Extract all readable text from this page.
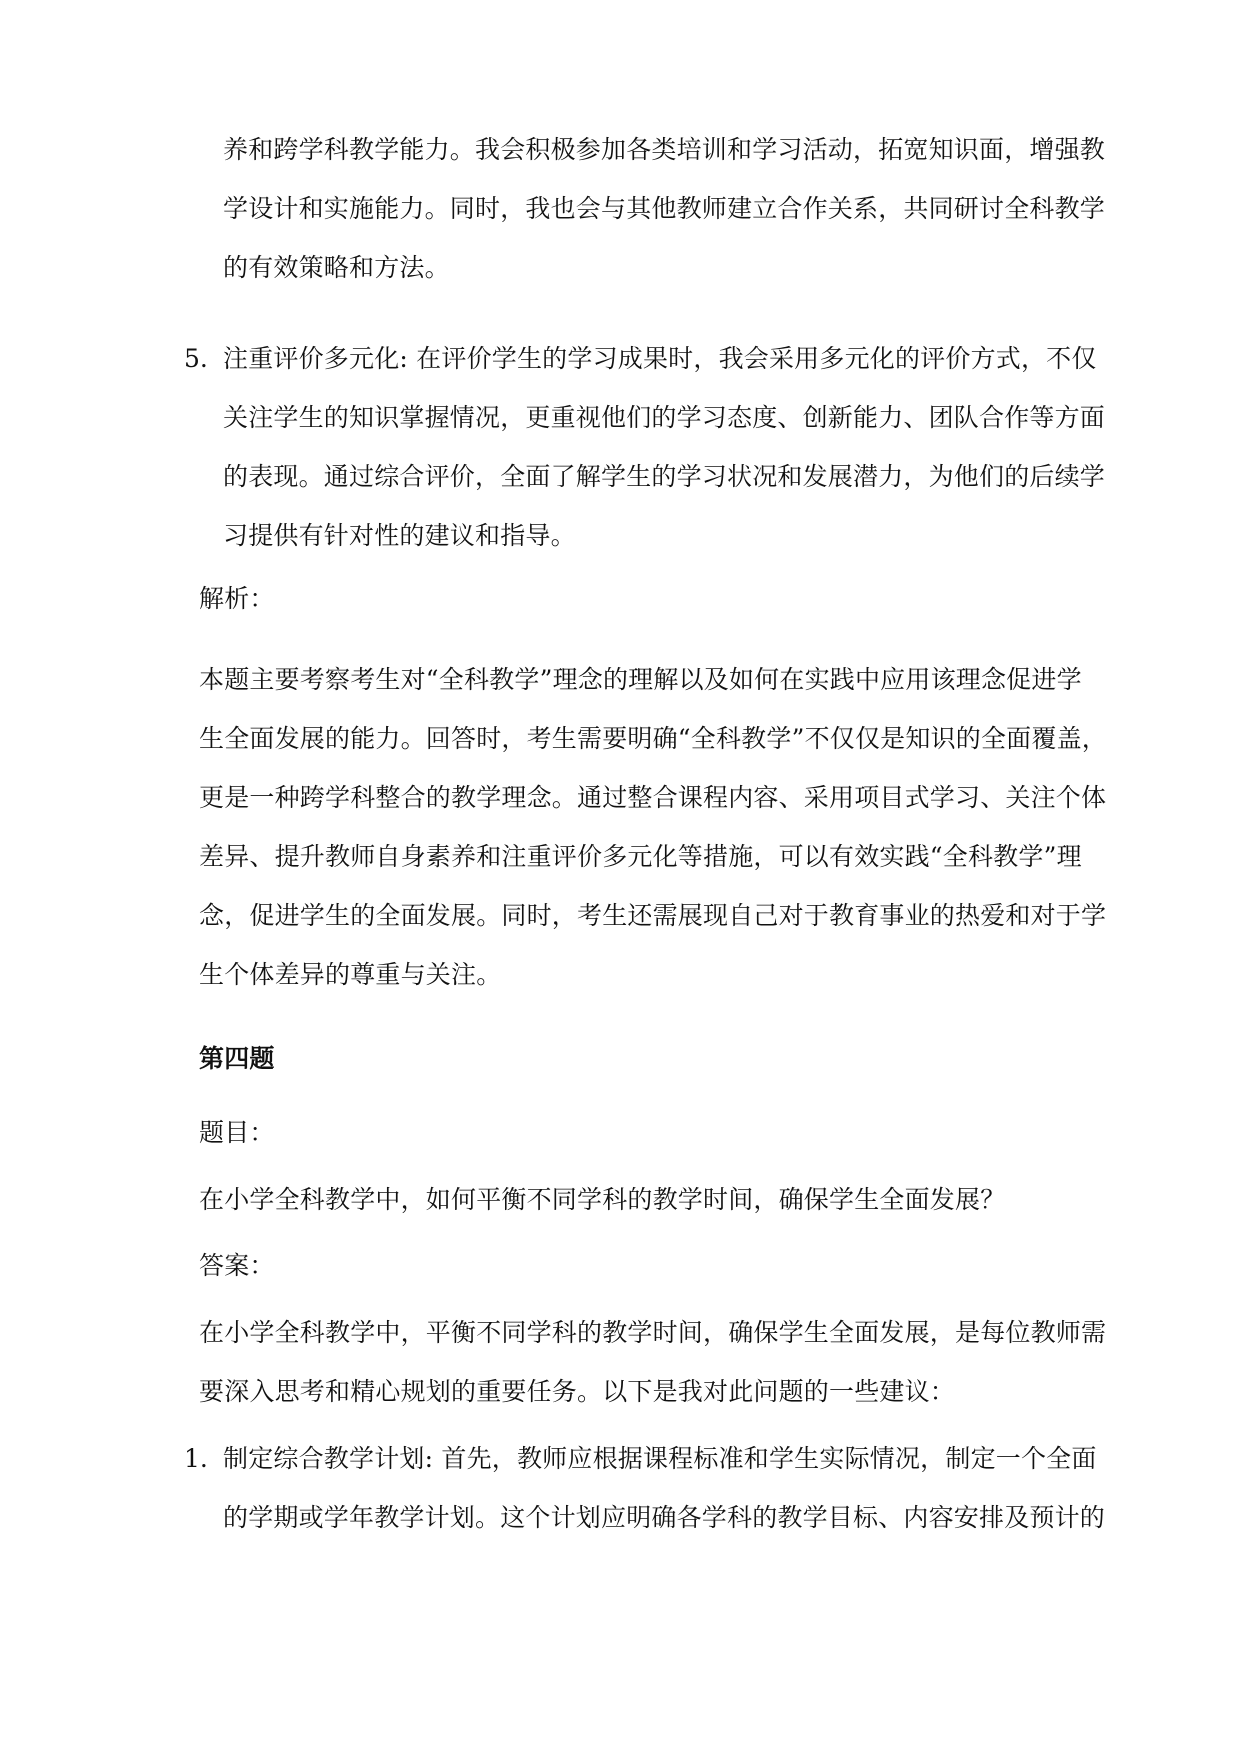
养和跨学科教学能力。我会积极参加各类培训和学习活动，拓宽知识面，增强教
学设计和实施能力。同时，我也会与其他教师建立合作关系，共同研讨全科教学
的有效策略和方法。
5. 注重评价多元化: 在评价学生的学习成果时，我会采用多元化的评价方式，不仅
关注学生的知识掌握情况，更重视他们的学习态度、创新能力、团队合作等方面
的表现。通过综合评价，全面了解学生的学习状况和发展潜力，为他们的后续学
习提供有针对性的建议和指导。
解析：
本题主要考察考生对“全科教学”理念的理解以及如何在实践中应用该理念促进学
生全面发展的能力。回答时，考生需要明确“全科教学”不仅仅是知识的全面覆盖，
更是一种跨学科整合的教学理念。通过整合课程内容、采用项目式学习、关注个体
差异、提升教师自身素养和注重评价多元化等措施，可以有效实践“全科教学”理
念，促进学生的全面发展。同时，考生还需展现自己对于教育事业的热爱和对于学
生个体差异的尊重与关注。
第四题
题目：
在小学全科教学中，如何平衡不同学科的教学时间，确保学生全面发展？
答案：
在小学全科教学中，平衡不同学科的教学时间，确保学生全面发展，是每位教师需
要深入思考和精心规划的重要任务。以下是我对此问题的一些建议：
1. 制定综合教学计划: 首先，教师应根据课程标准和学生实际情况，制定一个全面
的学期或学年教学计划。这个计划应明确各学科的教学目标、内容安排及预计的
